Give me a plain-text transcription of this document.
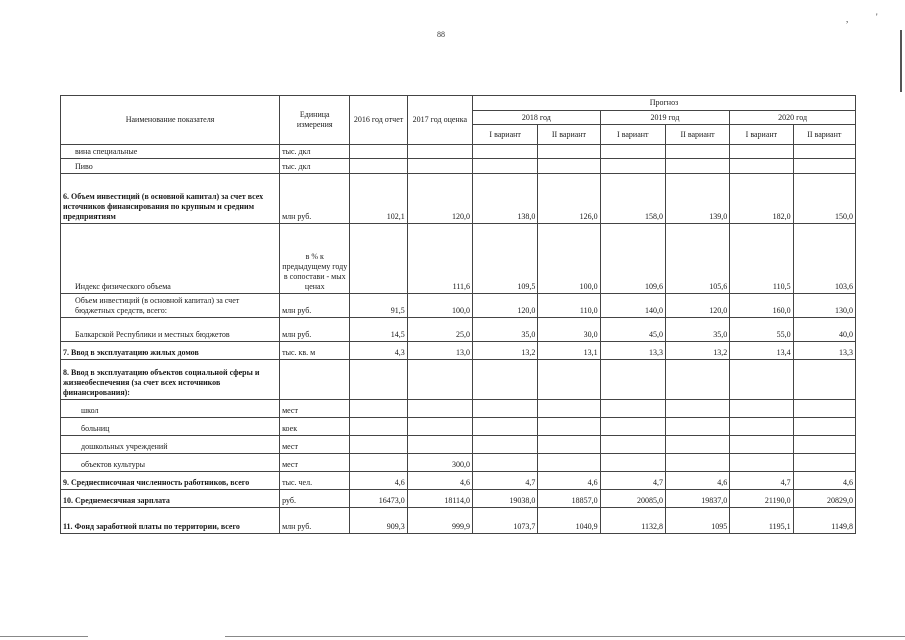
88
,	'
Наименование показателя	Единица измерения	2016 год отчет	2017 год оценка	Прогноз					
				2018 год		2019 год		2020 год	
				I вариант	II вариант	I вариант	II вариант	I вариант	II вариант
вина специальные	тыс. дкл								
Пиво	тыс. дкл								
6. Объем инвестиций (в основной капитал) за счет всех источников финансирования по крупным и средним предприятиям	млн руб.	102,1	120,0	138,0	126,0	158,0	139,0	182,0	150,0
Индекс физического объема	в % к предыдущему году в сопостави - мых ценах		111,6	109,5	100,0	109,6	105,6	110,5	103,6
Объем инвестиций (в основной капитал) за счет бюджетных средств, всего:	млн руб.	91,5	100,0	120,0	110,0	140,0	120,0	160,0	130,0
Балкарской Республики и местных бюджетов	млн руб.	14,5	25,0	35,0	30,0	45,0	35,0	55,0	40,0
7. Ввод в эксплуатацию жилых домов	тыс. кв. м	4,3	13,0	13,2	13,1	13,3	13,2	13,4	13,3
8. Ввод в эксплуатацию объектов социальной сферы и жизнеобеспечения (за счет всех источников финансирования):									
школ	мест								
больниц	коек								
дошкольных учреждений	мест								
объектов культуры	мест		300,0						
9. Среднесписочная численность работников, всего	тыс. чел.	4,6	4,6	4,7	4,6	4,7	4,6	4,7	4,6
10. Среднемесячная зарплата	руб.	16473,0	18114,0	19038,0	18857,0	20085,0	19837,0	21190,0	20829,0
11. Фонд заработной платы по территории, всего	млн руб.	909,3	999,9	1073,7	1040,9	1132,8	1095	1195,1	1149,8
